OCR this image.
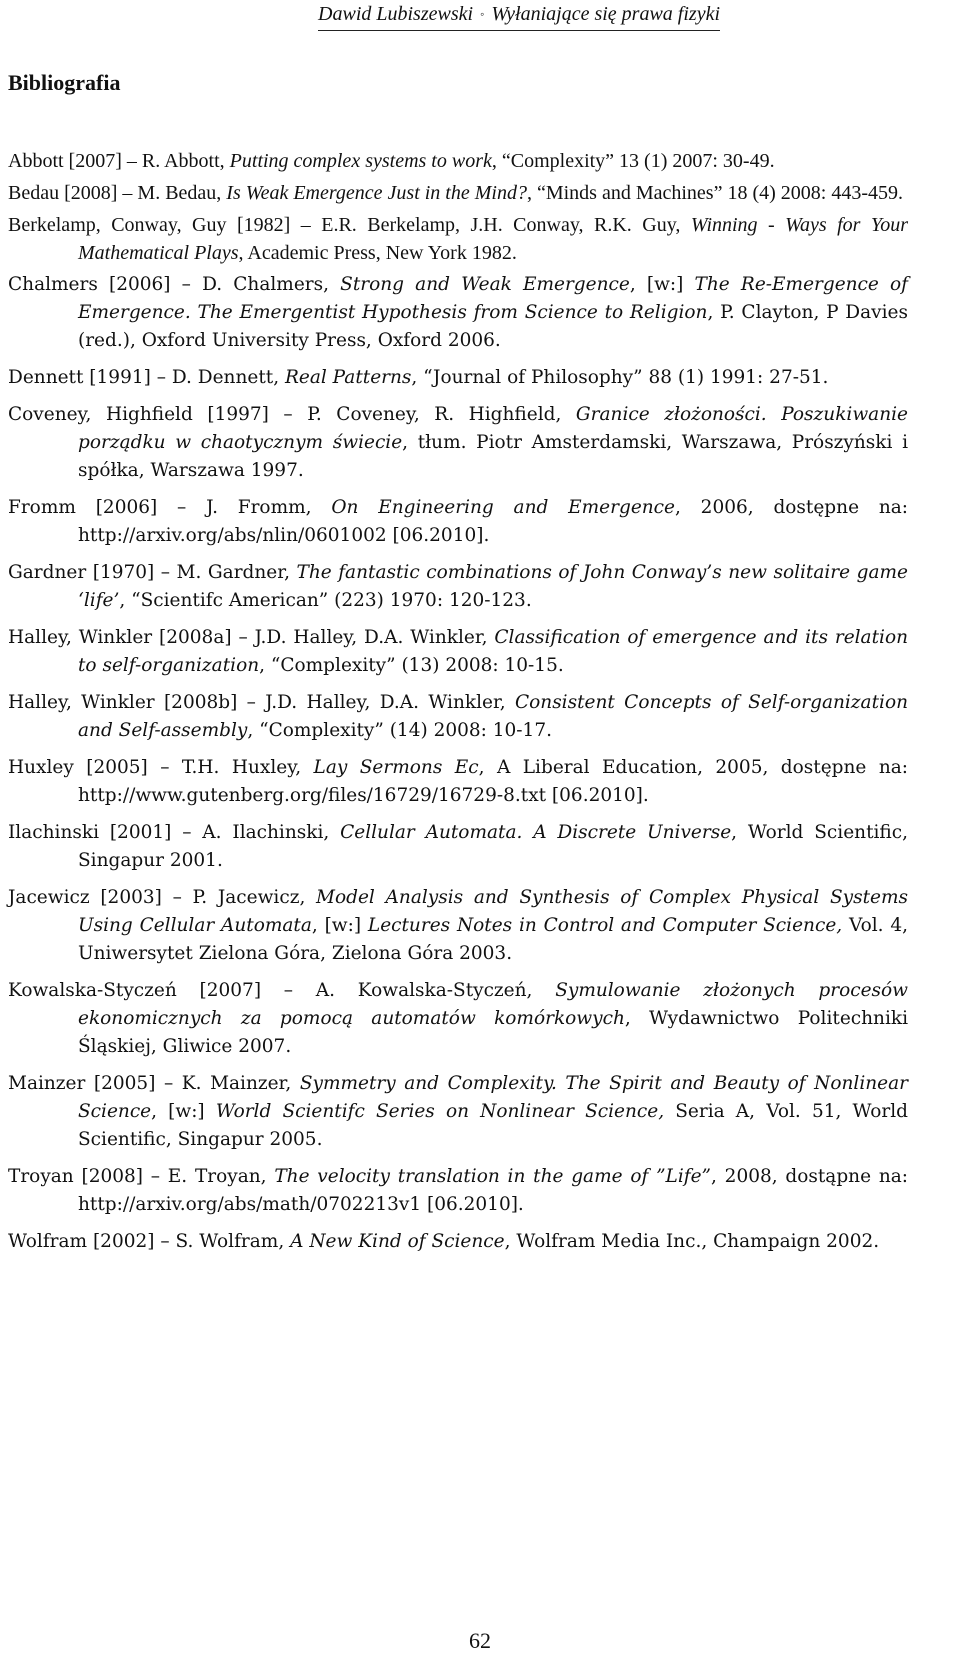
Dawid Lubiszewski ◦ Wyłaniające się prawa fizyki
Bibliografia

Abbott [2007] – R. Abbott, Putting complex systems to work, “Complexity” 13 (1) 2007: 30-49.

Bedau [2008] – M. Bedau, Is Weak Emergence Just in the Mind?, “Minds and Machines” 18 (4) 2008: 443-459.

Berkelamp, Conway, Guy [1982] – E.R. Berkelamp, J.H. Conway, R.K. Guy, Winning - Ways for Your Mathematical Plays, Academic Press, New York 1982.

Chalmers [2006] – D. Chalmers, Strong and Weak Emergence, [w:] The Re-Emergence of Emergence. The Emergentist Hypothesis from Science to Religion, P. Clayton, P Davies (red.), Oxford University Press, Oxford 2006.

Dennett [1991] – D. Dennett, Real Patterns, “Journal of Philosophy” 88 (1) 1991: 27-51.

Coveney, Highfield [1997] – P. Coveney, R. Highfield, Granice złożoności. Poszukiwanie porządku w chaotycznym świecie, tłum. Piotr Amsterdamski, Warszawa, Prószyński i spółka, Warszawa 1997.

Fromm [2006] – J. Fromm, On Engineering and Emergence, 2006, dostępne na: http://arxiv.org/abs/nlin/0601002 [06.2010].

Gardner [1970] – M. Gardner, The fantastic combinations of John Conway’s new solitaire game ‘life’, “Scientifc American” (223) 1970: 120-123.

Halley, Winkler [2008a] – J.D. Halley, D.A. Winkler, Classification of emergence and its relation to self-organization, “Complexity” (13) 2008: 10-15.

Halley, Winkler [2008b] – J.D. Halley, D.A. Winkler, Consistent Concepts of Self-organization and Self-assembly, “Complexity” (14) 2008: 10-17.

Huxley [2005] – T.H. Huxley, Lay Sermons Ec, A Liberal Education, 2005, dostępne na: http://www.gutenberg.org/files/16729/16729-8.txt [06.2010].

Ilachinski [2001] – A. Ilachinski, Cellular Automata. A Discrete Universe, World Scientific, Singapur 2001.

Jacewicz [2003] – P. Jacewicz, Model Analysis and Synthesis of Complex Physical Systems Using Cellular Automata, [w:] Lectures Notes in Control and Computer Science, Vol. 4, Uniwersytet Zielona Góra, Zielona Góra 2003.

Kowalska-Styczeń [2007] – A. Kowalska-Styczeń, Symulowanie złożonych procesów ekonomicznych za pomocą automatów komórkowych, Wydawnictwo Politechniki Śląskiej, Gliwice 2007.

Mainzer [2005] – K. Mainzer, Symmetry and Complexity. The Spirit and Beauty of Nonlinear Science, [w:] World Scientifc Series on Nonlinear Science, Seria A, Vol. 51, World Scientific, Singapur 2005.

Troyan [2008] – E. Troyan, The velocity translation in the game of ”Life”, 2008, dostąpne na: http://arxiv.org/abs/math/0702213v1 [06.2010].

Wolfram [2002] – S. Wolfram, A New Kind of Science, Wolfram Media Inc., Champaign 2002.

62
